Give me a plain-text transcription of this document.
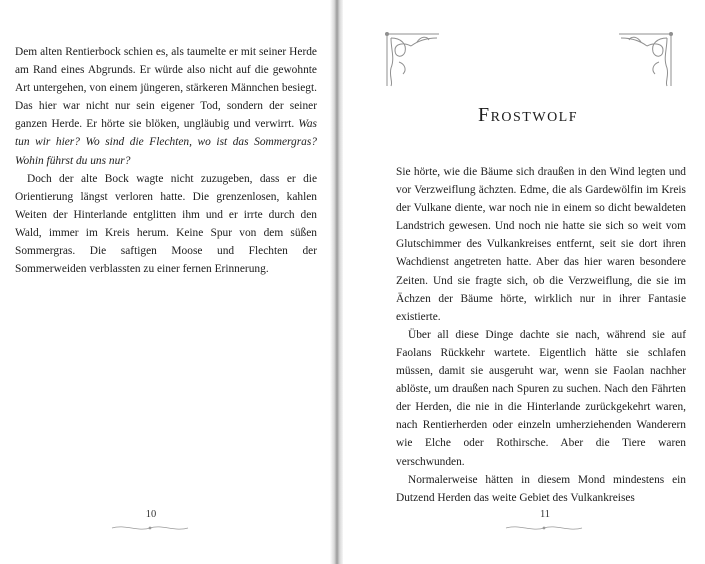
Dem alten Rentierbock schien es, als taumelte er mit seiner Herde am Rand eines Abgrunds. Er würde also nicht auf die gewohnte Art untergehen, von einem jüngeren, stärkeren Männchen besiegt. Das hier war nicht nur sein eigener Tod, sondern der seiner ganzen Herde. Er hörte sie blöken, ungläubig und verwirrt. Was tun wir hier? Wo sind die Flechten, wo ist das Sommergras? Wohin führst du uns nur?

Doch der alte Bock wagte nicht zuzugeben, dass er die Orientierung längst verloren hatte. Die grenzenlosen, kahlen Weiten der Hinterlande entglitten ihm und er irrte durch den Wald, immer im Kreis herum. Keine Spur von dem süßen Sommergras. Die saftigen Moose und Flechten der Sommerweiden verblassten zu einer fernen Erinnerung.

10
Frostwolf

Sie hörte, wie die Bäume sich draußen in den Wind legten und vor Verzweiflung ächzten. Edme, die als Gardewölfin im Kreis der Vulkane diente, war noch nie in einem so dicht bewaldeten Landstrich gewesen. Und noch nie hatte sie sich so weit vom Glutschimmer des Vulkankreises entfernt, seit sie dort ihren Wachdienst angetreten hatte. Aber das hier waren besondere Zeiten. Und sie fragte sich, ob die Verzweiflung, die sie im Ächzen der Bäume hörte, wirklich nur in ihrer Fantasie existierte.

Über all diese Dinge dachte sie nach, während sie auf Faolans Rückkehr wartete. Eigentlich hätte sie schlafen müssen, damit sie ausgeruht war, wenn sie Faolan nachher ablöste, um draußen nach Spuren zu suchen. Nach den Fährten der Herden, die nie in die Hinterlande zurückgekehrt waren, nach Rentierherden oder einzeln umherziehenden Wanderern wie Elche oder Rothirsche. Aber die Tiere waren verschwunden.

Normalerweise hätten in diesem Mond mindestens ein Dutzend Herden das weite Gebiet des Vulkankreises

11
